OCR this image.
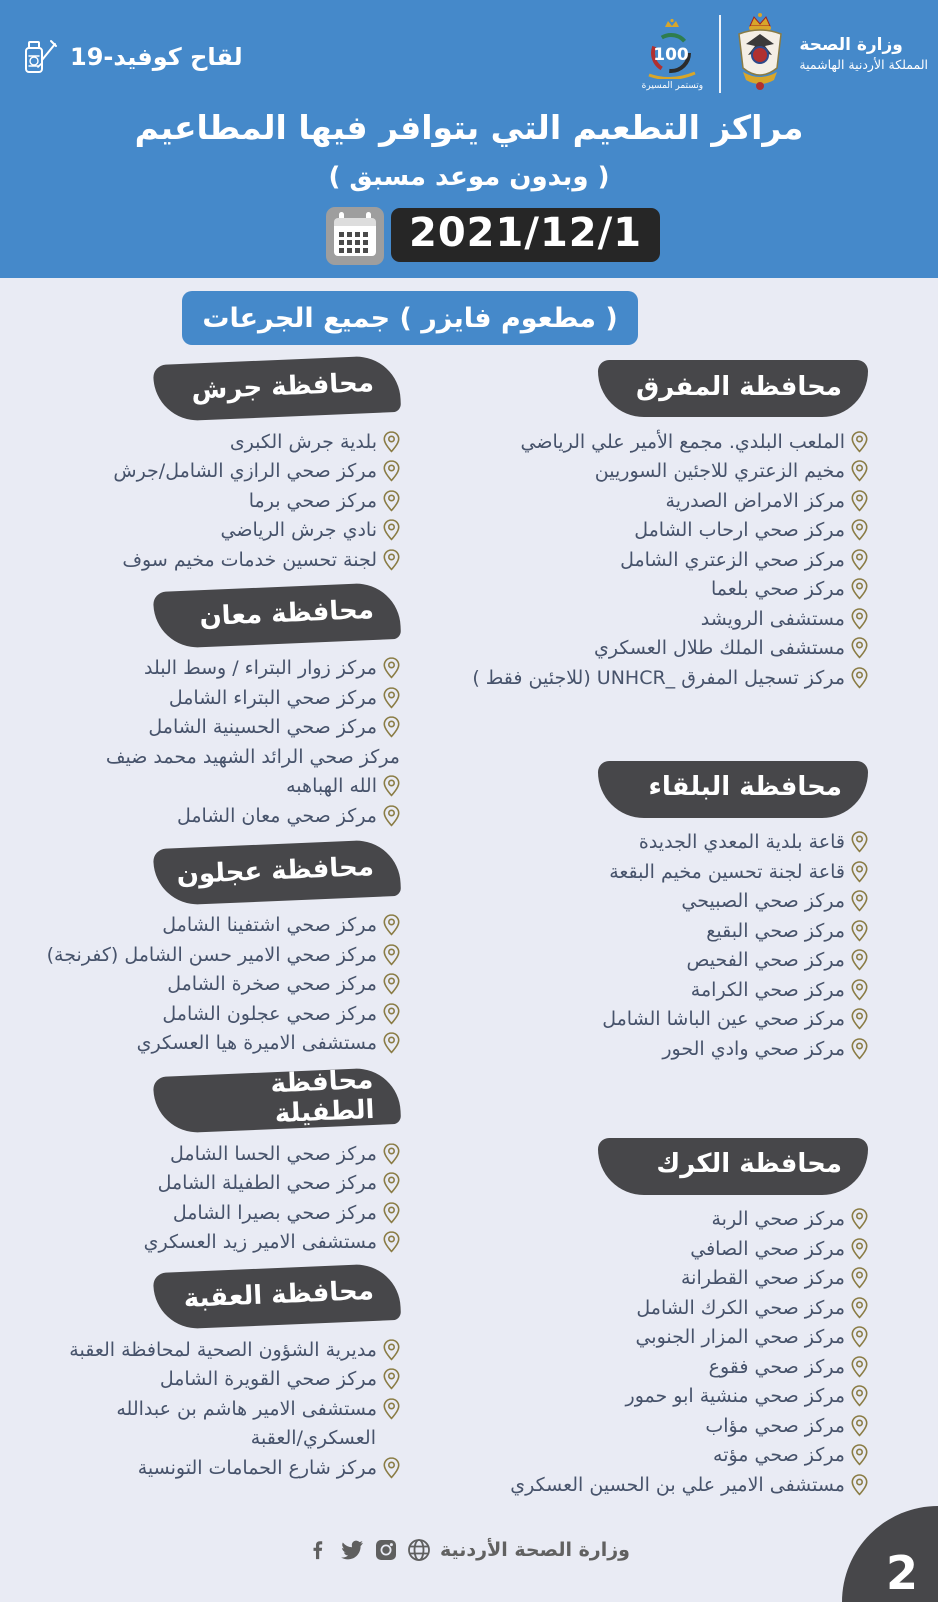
لقاح كوفيد-19	100
وتستمر المسيرة
وزارة الصحة
المملكة الأردنية الهاشمية
مراكز التطعيم التي يتوافر فيها المطاعيم
( وبدون موعد مسبق )
2021/12/1
( مطعوم فايزر ) جميع الجرعات
محافظة المفرق
الملعب البلدي. مجمع الأمير علي الرياضي
مخيم الزعتري للاجئين السوريين
مركز الامراض الصدرية
مركز صحي ارحاب الشامل
مركز صحي الزعتري الشامل
مركز صحي بلعما
مستشفى الرويشد
مستشفى الملك طلال العسكري
مركز تسجيل المفرق _UNHCR (للاجئين فقط )
محافظة البلقاء
قاعة بلدية المعدي الجديدة
قاعة لجنة تحسين مخيم البقعة
مركز صحي الصبيحي
مركز صحي البقيع
مركز صحي الفحيص
مركز صحي الكرامة
مركز صحي عين الباشا الشامل
مركز صحي وادي الحور
محافظة الكرك
مركز صحي الربة
مركز صحي الصافي
مركز صحي القطرانة
مركز صحي الكرك الشامل
مركز صحي المزار الجنوبي
مركز صحي فقوع
مركز صحي منشية ابو حمور
مركز صحي مؤاب
مركز صحي مؤته
مستشفى الامير علي بن الحسين العسكري
محافظة جرش
بلدية جرش الكبرى
مركز صحي الرازي الشامل/جرش
مركز صحي برما
نادي جرش الرياضي
لجنة تحسين خدمات مخيم سوف
محافظة معان
مركز زوار البتراء / وسط البلد
مركز صحي البتراء الشامل
مركز صحي الحسينية الشامل
مركز صحي الرائد الشهيد محمد ضيف
الله الهباهبه
مركز صحي معان الشامل
محافظة عجلون
مركز صحي اشتفينا الشامل
مركز صحي الامير حسن الشامل (كفرنجة)
مركز صحي صخرة الشامل
مركز صحي عجلون الشامل
مستشفى الاميرة هيا العسكري
محافظة الطفيلة
مركز صحي الحسا الشامل
مركز صحي الطفيلة الشامل
مركز صحي بصيرا الشامل
مستشفى الامير زيد العسكري
محافظة العقبة
مديرية الشؤون الصحية لمحافظة العقبة
مركز صحي القويرة الشامل
مستشفى الامير هاشم بن عبدالله
العسكري/العقبة
مركز شارع الحمامات التونسية
وزارة الصحة الأردنية	2
